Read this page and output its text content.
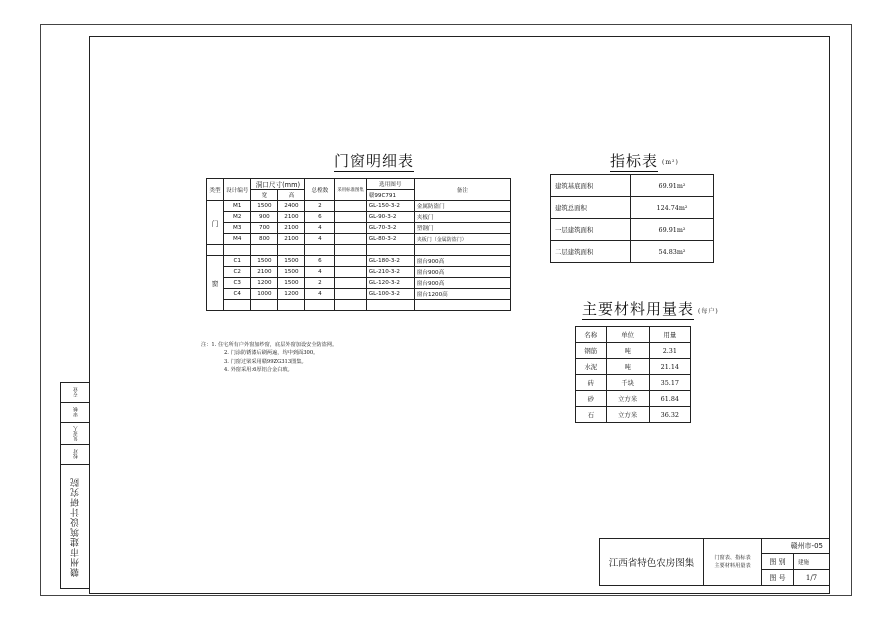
专业
审核
负责人
校对
赣州市建筑设计研究院
门窗明细表
类型	设计编号	洞口尺寸(mm)		总樘数	采用标准图集	选用图号	备注
		宽	高			赣99C791	
门	M1	1500	2400	2		GL-150-3-2	金属防盗门
	M2	900	2100	6		GL-90-3-2	夹板门
	M3	700	2100	4		GL-70-3-2	塑钢门
	M4	800	2100	4		GL-80-3-2	夹板门（金属防盗门）

窗	C1	1500	1500	6		GL-180-3-2	窗台900高
	C2	2100	1500	4		GL-210-3-2	窗台900高
	C3	1200	1500	2		GL-120-3-2	窗台900高
	C4	1000	1200	4		GL-100-3-2	窗台1200高

注：1. 住宅所有户外窗加纱窗，底层外窗加设安全防盗网。
2. 门涂防锈漆后刷两遍，均中到面300。
3. 门窗过梁采用赣99ZG313图集。
4. 外窗采用:6厚铝合金白玻。
指标表 (m²)
建筑基底面积	69.91m²
建筑总面积	124.74m²
一层建筑面积	69.91m²
二层建筑面积	54.83m²
主要材料用量表 (每户)
名称	单位	用量
钢筋	吨	2.31
水泥	吨	21.14
砖	千块	35.17
砂	立方米	61.84
石	立方米	36.32
江西省特色农房图集	门窗表、指标表
主要材料用量表	赣州市-05	
		图 别	建施
		图 号	1/7
